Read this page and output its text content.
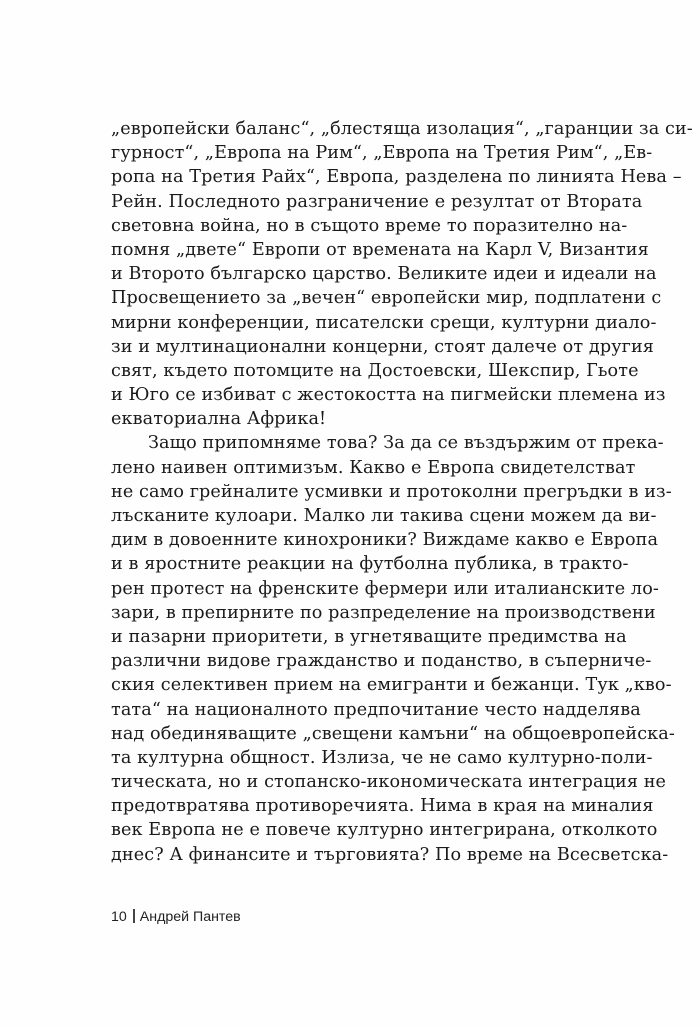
„европейски баланс“, „блестяща изолация“, „гаранции за си-
гурност“, „Европа на Рим“, „Европа на Третия Рим“, „Ев-
ропа на Третия Райх“, Европа, разделена по линията Нева –
Рейн. Последното разграничение е резултат от Втората
световна война, но в същото време то поразително на-
помня „двете“ Европи от времената на Карл V, Византия
и Второто българско царство. Великите идеи и идеали на
Просвещението за „вечен“ европейски мир, подплатени с
мирни конференции, писателски срещи, културни диало-
зи и мултинационални концерни, стоят далече от другия
свят, където потомците на Достоевски, Шекспир, Гьоте
и Юго се избиват с жестокостта на пигмейски племена из
екваториална Африка!
Защо припомняме това? За да се въздържим от прека-
лено наивен оптимизъм. Какво е Европа свидетелстват
не само грейналите усмивки и протоколни прегръдки в из-
лъсканите кулоари. Малко ли такива сцени можем да ви-
дим в довоенните кинохроники? Виждаме какво е Европа
и в яростните реакции на футболна публика, в тракто-
рен протест на френските фермери или италианските ло-
зари, в препирните по разпределение на производствени
и пазарни приоритети, в угнетяващите предимства на
различни видове гражданство и поданство, в съперниче-
ския селективен прием на емигранти и бежанци. Тук „кво-
тата“ на националното предпочитание често надделява
над обединяващите „свещени камъни“ на общоевропейска-
та културна общност. Излиза, че не само културно-поли-
тическата, но и стопанско-икономическата интеграция не
предотвратява противоречията. Нима в края на миналия
век Европа не е повече културно интегрирана, отколкото
днес? А финансите и търговията? По време на Всесветска-
10 Андрей Пантев
